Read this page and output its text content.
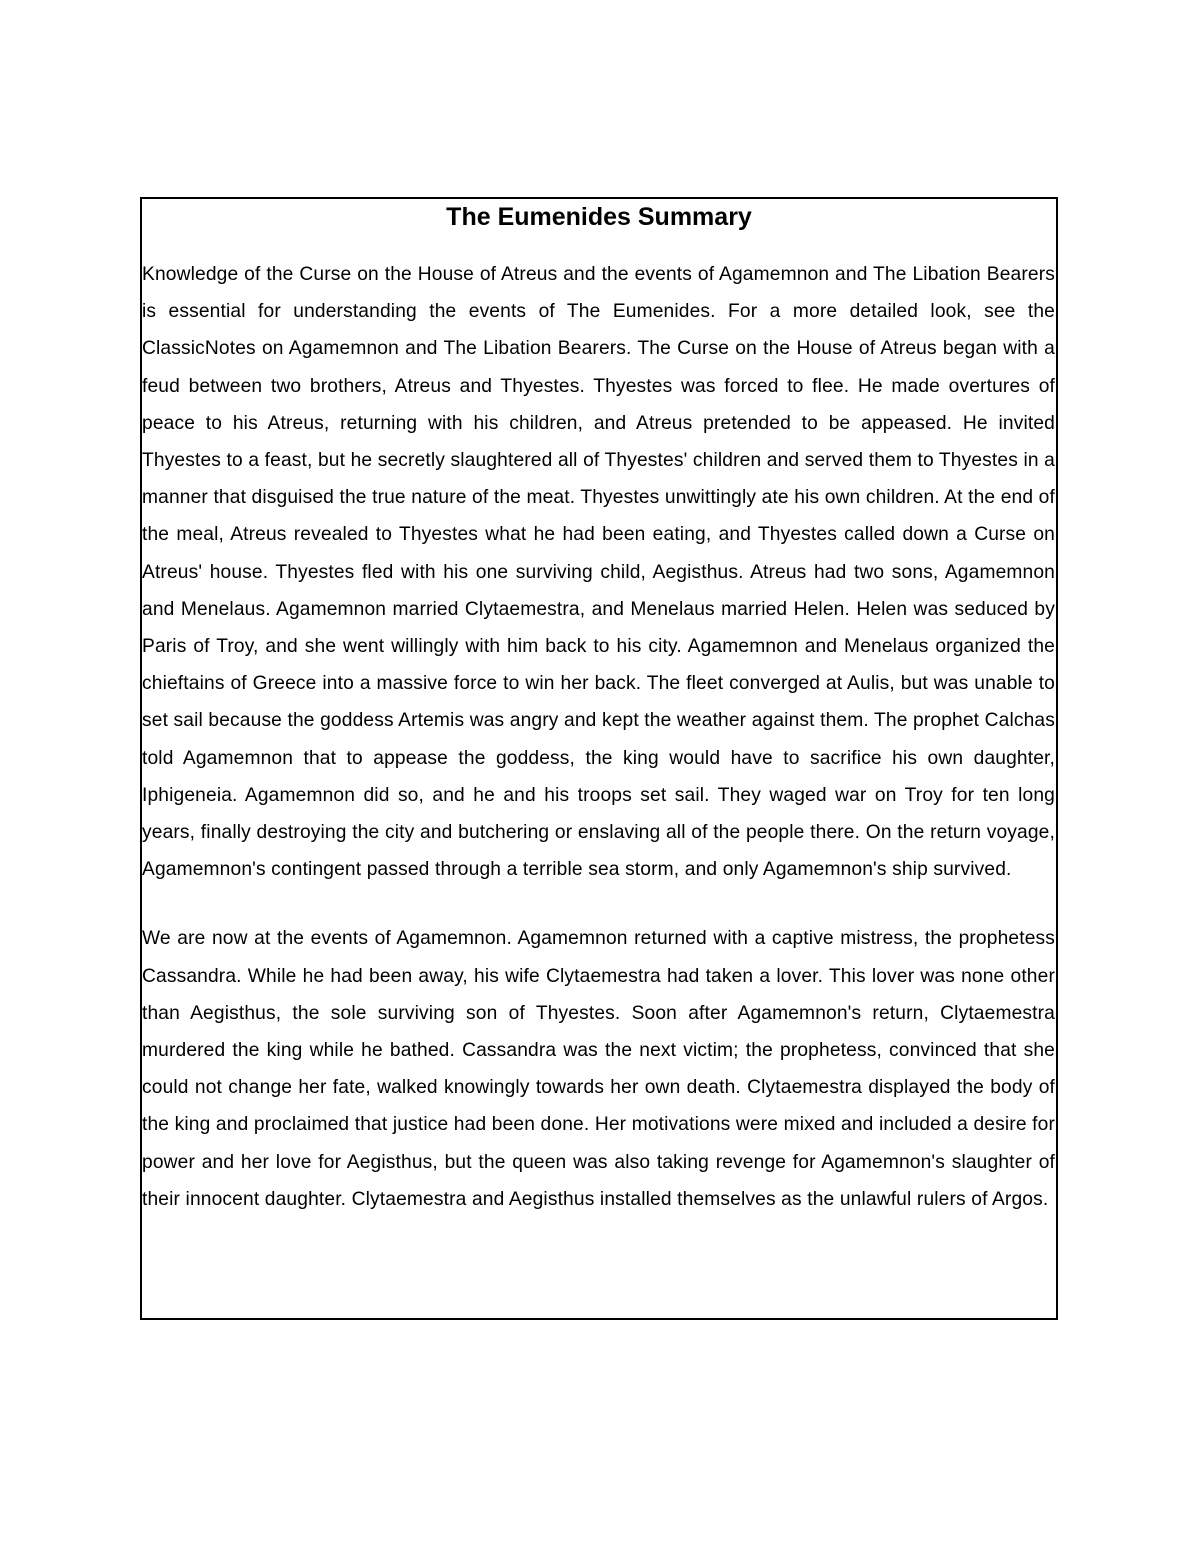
The Eumenides Summary

Knowledge of the Curse on the House of Atreus and the events of Agamemnon and The Libation Bearers is essential for understanding the events of The Eumenides. For a more detailed look, see the ClassicNotes on Agamemnon and The Libation Bearers. The Curse on the House of Atreus began with a feud between two brothers, Atreus and Thyestes. Thyestes was forced to flee. He made overtures of peace to his Atreus, returning with his children, and Atreus pretended to be appeased. He invited Thyestes to a feast, but he secretly slaughtered all of Thyestes' children and served them to Thyestes in a manner that disguised the true nature of the meat. Thyestes unwittingly ate his own children. At the end of the meal, Atreus revealed to Thyestes what he had been eating, and Thyestes called down a Curse on Atreus' house. Thyestes fled with his one surviving child, Aegisthus. Atreus had two sons, Agamemnon and Menelaus. Agamemnon married Clytaemestra, and Menelaus married Helen. Helen was seduced by Paris of Troy, and she went willingly with him back to his city. Agamemnon and Menelaus organized the chieftains of Greece into a massive force to win her back. The fleet converged at Aulis, but was unable to set sail because the goddess Artemis was angry and kept the weather against them. The prophet Calchas told Agamemnon that to appease the goddess, the king would have to sacrifice his own daughter, Iphigeneia. Agamemnon did so, and he and his troops set sail. They waged war on Troy for ten long years, finally destroying the city and butchering or enslaving all of the people there. On the return voyage, Agamemnon's contingent passed through a terrible sea storm, and only Agamemnon's ship survived.

We are now at the events of Agamemnon. Agamemnon returned with a captive mistress, the prophetess Cassandra. While he had been away, his wife Clytaemestra had taken a lover. This lover was none other than Aegisthus, the sole surviving son of Thyestes. Soon after Agamemnon's return, Clytaemestra murdered the king while he bathed. Cassandra was the next victim; the prophetess, convinced that she could not change her fate, walked knowingly towards her own death. Clytaemestra displayed the body of the king and proclaimed that justice had been done. Her motivations were mixed and included a desire for power and her love for Aegisthus, but the queen was also taking revenge for Agamemnon's slaughter of their innocent daughter. Clytaemestra and Aegisthus installed themselves as the unlawful rulers of Argos.
